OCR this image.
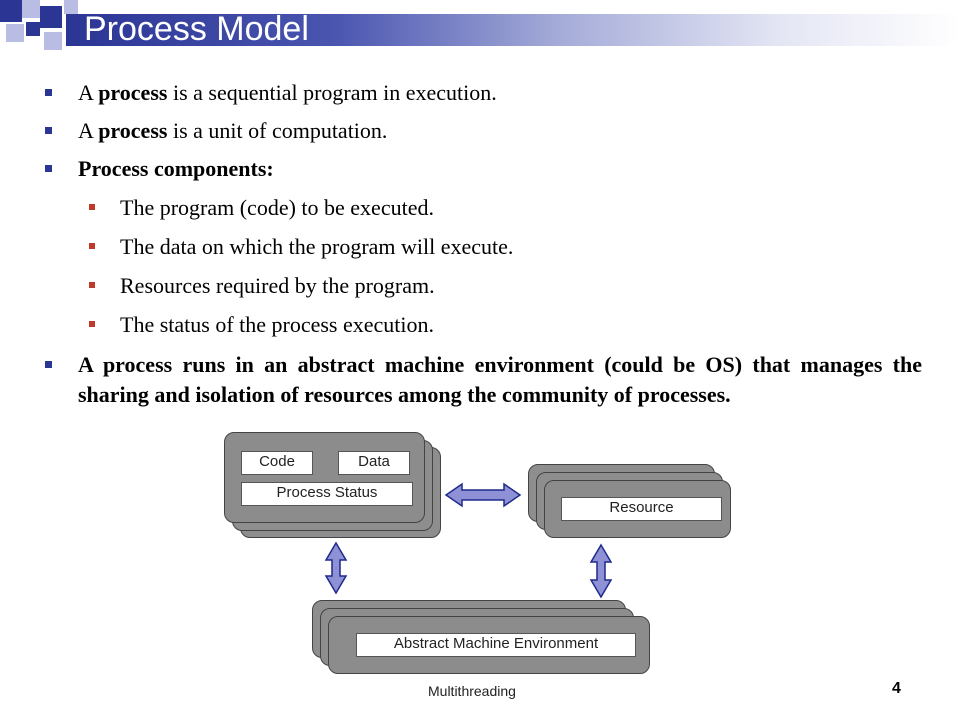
Process Model
A process is a sequential program in execution.
A process is a unit of computation.
Process components:
The program (code) to be executed.
The data on which the program will execute.
Resources required by the program.
The status of the process execution.
A process runs in an abstract machine environment (could be OS) that manages the sharing and isolation of resources among the community of processes.
Code	Data
Process Status
Resource
Abstract Machine Environment
Multithreading	4
